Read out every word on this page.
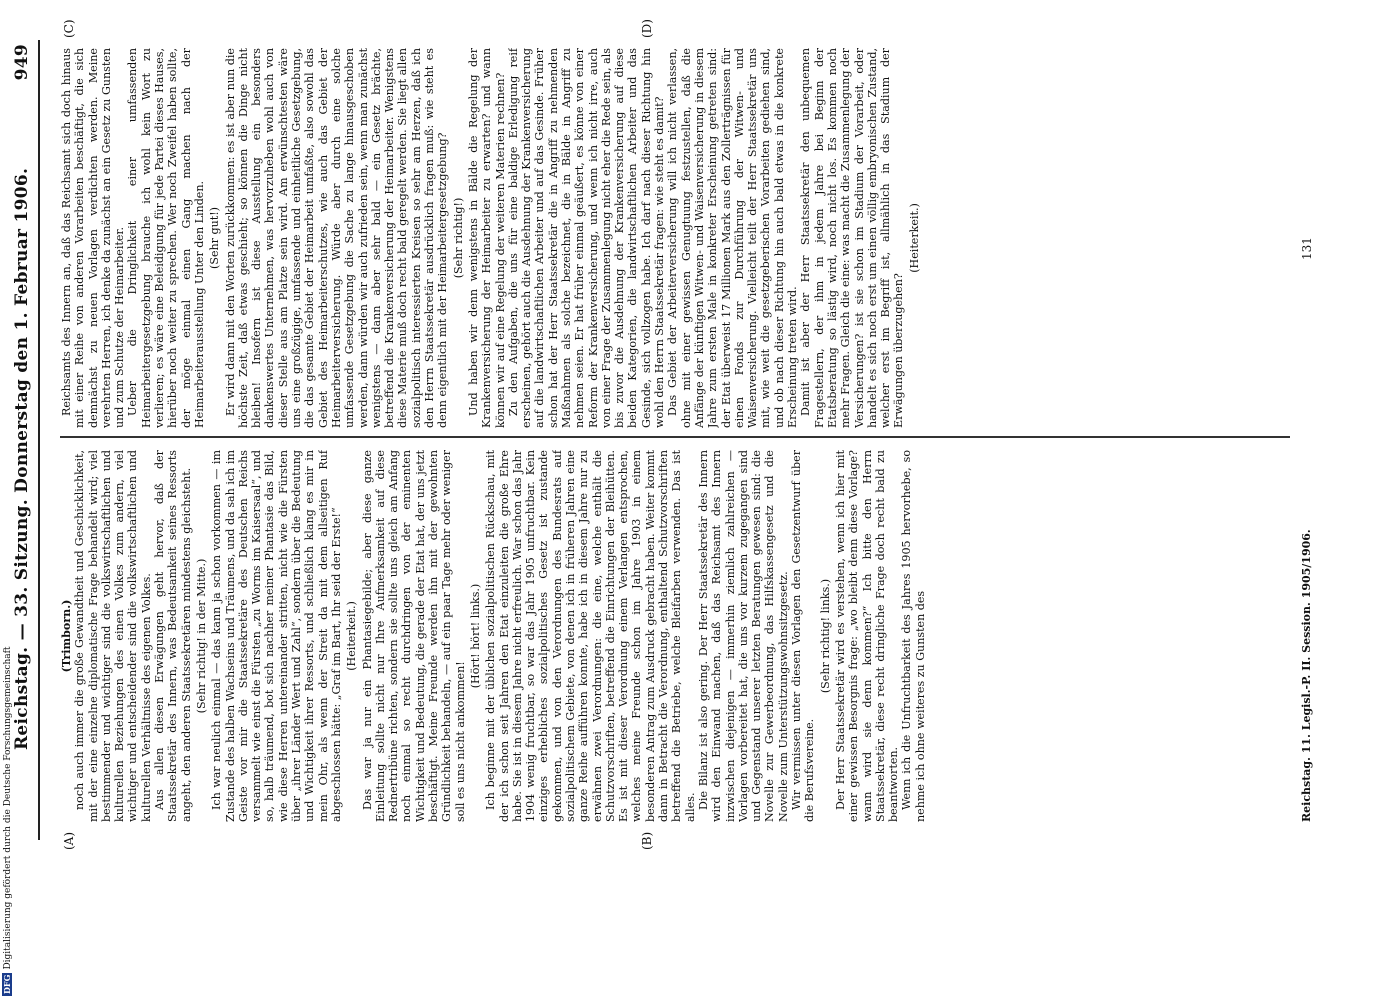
Reichstag. — 33. Sitzung. Donnerstag den 1. Februar 1906.
949
(Trimborn.) noch auch immer die große Gewandtheit und Geschicklichkeit, mit der eine einzelne diplomatische Frage behandelt wird; viel bestimmender und wichtiger sind die volkswirtschaftlichen und kulturellen Beziehungen des einen Volkes zum andern, viel wichtiger und entscheidender sind die volkswirtschaftlichen und kulturellen Verhältnisse des eigenen Volkes. Aus allen diesen Erwägungen geht hervor, daß der Staatssekretär des Innern, was Bedeutsamkeit seines Ressorts angeht, den anderen Staatssekretären mindestens gleichsteht. (Sehr richtig! in der Mitte.) Ich war neulich einmal — das kann ja schon vorkommen — im Zustande des halben Wachseins und Träumens, und da sah ich im Geiste vor mir die Staatssekretäre des Deutschen Reichs versammelt wie einst die Fürsten „zu Worms im Kaisersaal“, und so, halb träumend, bot sich nachher meiner Phantasie das Bild, wie diese Herren untereinander stritten, nicht wie die Fürsten über „ihrer Länder Wert und Zahl“, sondern über die Bedeutung und Wichtigkeit ihrer Ressorts, und schließlich klang es mir in mein Ohr, als wenn der Streit da mit dem allseitigen Ruf abgeschlossen hätte: „Graf im Bart, Ihr seid der Erste!“ (Heiterkeit.) Das war ja nur ein Phantasiegebilde; aber diese ganze Einleitung sollte nicht nur Ihre Aufmerksamkeit auf diese Rednertribüne richten, sondern sie sollte uns gleich am Anfang noch einmal so recht durchdringen von der eminenten Wichtigkeit und Bedeutung, die gerade der Etat hat, der uns jetzt beschäftigt. Meine Freunde werden ihn mit der gewohnten Gründlichkeit behandeln, — auf ein paar Tage mehr oder weniger soll es uns nicht ankommen!

(Hört! hört! links.) Ich beginne mit der üblichen sozialpolitischen Rückschau, mit der ich schon seit Jahren den Etat einzuleiten die große Ehre habe. Sie ist in diesem Jahre nicht erfreulich. War schon das Jahr 1904 wenig fruchtbar, so war das Jahr 1905 unfruchtbar. Kein einziges erhebliches sozialpolitisches Gesetz ist zustande gekommen, und von den Verordnungen des Bundesrats auf sozialpolitischem Gebiete, von denen ich in früheren Jahren eine ganze Reihe aufführen konnte, habe ich in diesem Jahre nur zu erwähnen zwei Verordnungen: die eine, welche enthält die Schutzvorschriften, betreffend die Einrichtungen der Bleihütten. Es ist mit dieser Verordnung einem Verlangen entsprochen, welches meine Freunde schon im Jahre 1903 in einem besonderen Antrag zum Ausdruck gebracht haben. Weiter kommt dann in Betracht die Verordnung, enthaltend Schutzvorschriften betreffend die Betriebe, welche Bleifarben verwenden. Das ist alles. Die Bilanz ist also gering. Der Herr Staatssekretär des Innern wird den Einwand machen, daß das Reichsamt des Innern inzwischen diejenigen — immerhin ziemlich zahlreichen — Vorlagen vorbereitet hat, die uns vor kurzem zugegangen sind und Gegenstand unserer letzten Beratungen gewesen sind: die Novelle zur Gewerbeordnung, das Hilfskassengesetz und die Novelle zum Unterstützungswohnsitzgesetz. Wir vermissen unter diesen Vorlagen den Gesetzentwurf über die Berufsvereine.

(Sehr richtig! links.) Der Herr Staatssekretär wird es verstehen, wenn ich hier mit einer gewissen Besorgnis frage: „wo bleibt denn diese Vorlage? wann wird sie denn kommen?“ Ich bitte den Herrn Staatssekretär, diese recht dringliche Frage doch recht bald zu beantworten. Wenn ich die Unfruchtbarkeit des Jahres 1905 hervorhebe, so nehme ich ohne weiteres zu Gunsten des

Reichsamts des Innern an, daß das Reichsamt sich doch hinaus mit einer Reihe von anderen Vorarbeiten beschäftigt, die sich demnächst zu neuen Vorlagen verdichten werden. Meine verehrten Herren, ich denke da zunächst an ein Gesetz zu Gunsten und zum Schutze der Heimarbeiter. Ueber die Dringlichkeit einer umfassenden Heimarbeitergesetzgebung brauche ich wohl kein Wort zu verlieren; es wäre eine Beleidigung für jede Partei dieses Hauses, hierüber noch weiter zu sprechen. Wer noch Zweifel haben sollte, der möge einmal einen Gang machen nach der Heimarbeiterausstellung Unter den Linden. (Sehr gut!) Er wird dann mit den Worten zurückkommen: es ist aber nun die höchste Zeit, daß etwas geschieht; so können die Dinge nicht bleiben! Insofern ist diese Ausstellung ein besonders dankenswertes Unternehmen, was hervorzuheben wohl auch von dieser Stelle aus am Platze sein wird. Am erwünschtesten wäre uns eine großzügige, umfassende und einheitliche Gesetzgebung, die das gesamte Gebiet der Heimarbeit umfaßte, also sowohl das Gebiet des Heimarbeiterschutzes, wie auch das Gebiet der Heimarbeiterversicherung. Würde aber durch eine solche umfassende Gesetzgebung die Sache zu lange hinausgeschoben werden, dann würden wir auch zufrieden sein, wenn man zunächst wenigstens — dann aber sehr bald — ein Gesetz brächte, betreffend die Krankenversicherung der Heimarbeiter. Wenigstens diese Materie muß doch recht bald geregelt werden. Sie liegt allen sozialpolitisch interessierten Kreisen so sehr am Herzen, daß ich den Herrn Staatssekretär ausdrücklich fragen muß: wie steht es denn eigentlich mit der Heimarbeitergesetzgebung? (Sehr richtig!) Und haben wir denn wenigstens in Bälde die Regelung der Krankenversicherung der Heimarbeiter zu erwarten? und wann können wir auf eine Regelung der weiteren Materien rechnen? Zu den Aufgaben, die uns für eine baldige Erledigung reif erscheinen, gehört auch die Ausdehnung der Krankenversicherung auf die landwirtschaftlichen Arbeiter und auf das Gesinde. Früher schon hat der Herr Staatssekretär die in Angriff zu nehmenden Maßnahmen als solche bezeichnet, die in Bälde in Angriff zu nehmen seien. Er hat früher einmal geäußert, es könne von einer Reform der Krankenversicherung, und wenn ich nicht irre, auch von einer Frage der Zusammenlegung nicht eher die Rede sein, als bis zuvor die Ausdehnung der Krankenversicherung auf diese beiden Kategorien, die landwirtschaftlichen Arbeiter und das Gesinde, sich vollzogen habe. Ich darf nach dieser Richtung hin wohl den Herrn Staatssekretär fragen: wie steht es damit? Das Gebiet der Arbeiterversicherung will ich nicht verlassen, ohne mit einer gewissen Genugtuung festzustellen, daß die Anfänge der künftigen Witwen- und Waisenversicherung in diesem Jahre zum ersten Male in konkreter Erscheinung getreten sind: der Etat überweist 17 Millionen Mark aus den Zollerträgnissen für einen Fonds zur Durchführung der Witwen- und Waisenversicherung. Vielleicht teilt der Herr Staatssekretär uns mit, wie weit die gesetzgeberischen Vorarbeiten gediehen sind, und ob nach dieser Richtung hin auch bald etwas in die konkrete Erscheinung treten wird. Damit ist aber der Herr Staatssekretär den unbequemen Fragestellern, der ihm in jedem Jahre bei Beginn der Etatsberatung so lästig wird, noch nicht los. Es kommen noch mehr Fragen. Gleich die eine: was macht die Zusammenlegung der Versicherungen? ist sie schon im Stadium der Vorarbeit, oder handelt es sich noch erst um einen völlig embryonischen Zustand, welcher erst im Begriff ist, allmählich in das Stadium der Erwägungen überzugehen?

(Heiterkeit.)

(A)	(B)
(C)	(D)
Reichstag. 11. Legisl.-P. II. Session. 1905/1906.
131
DFGDigitalisierung gefördert durch die Deutsche Forschungsgemeinschaft
